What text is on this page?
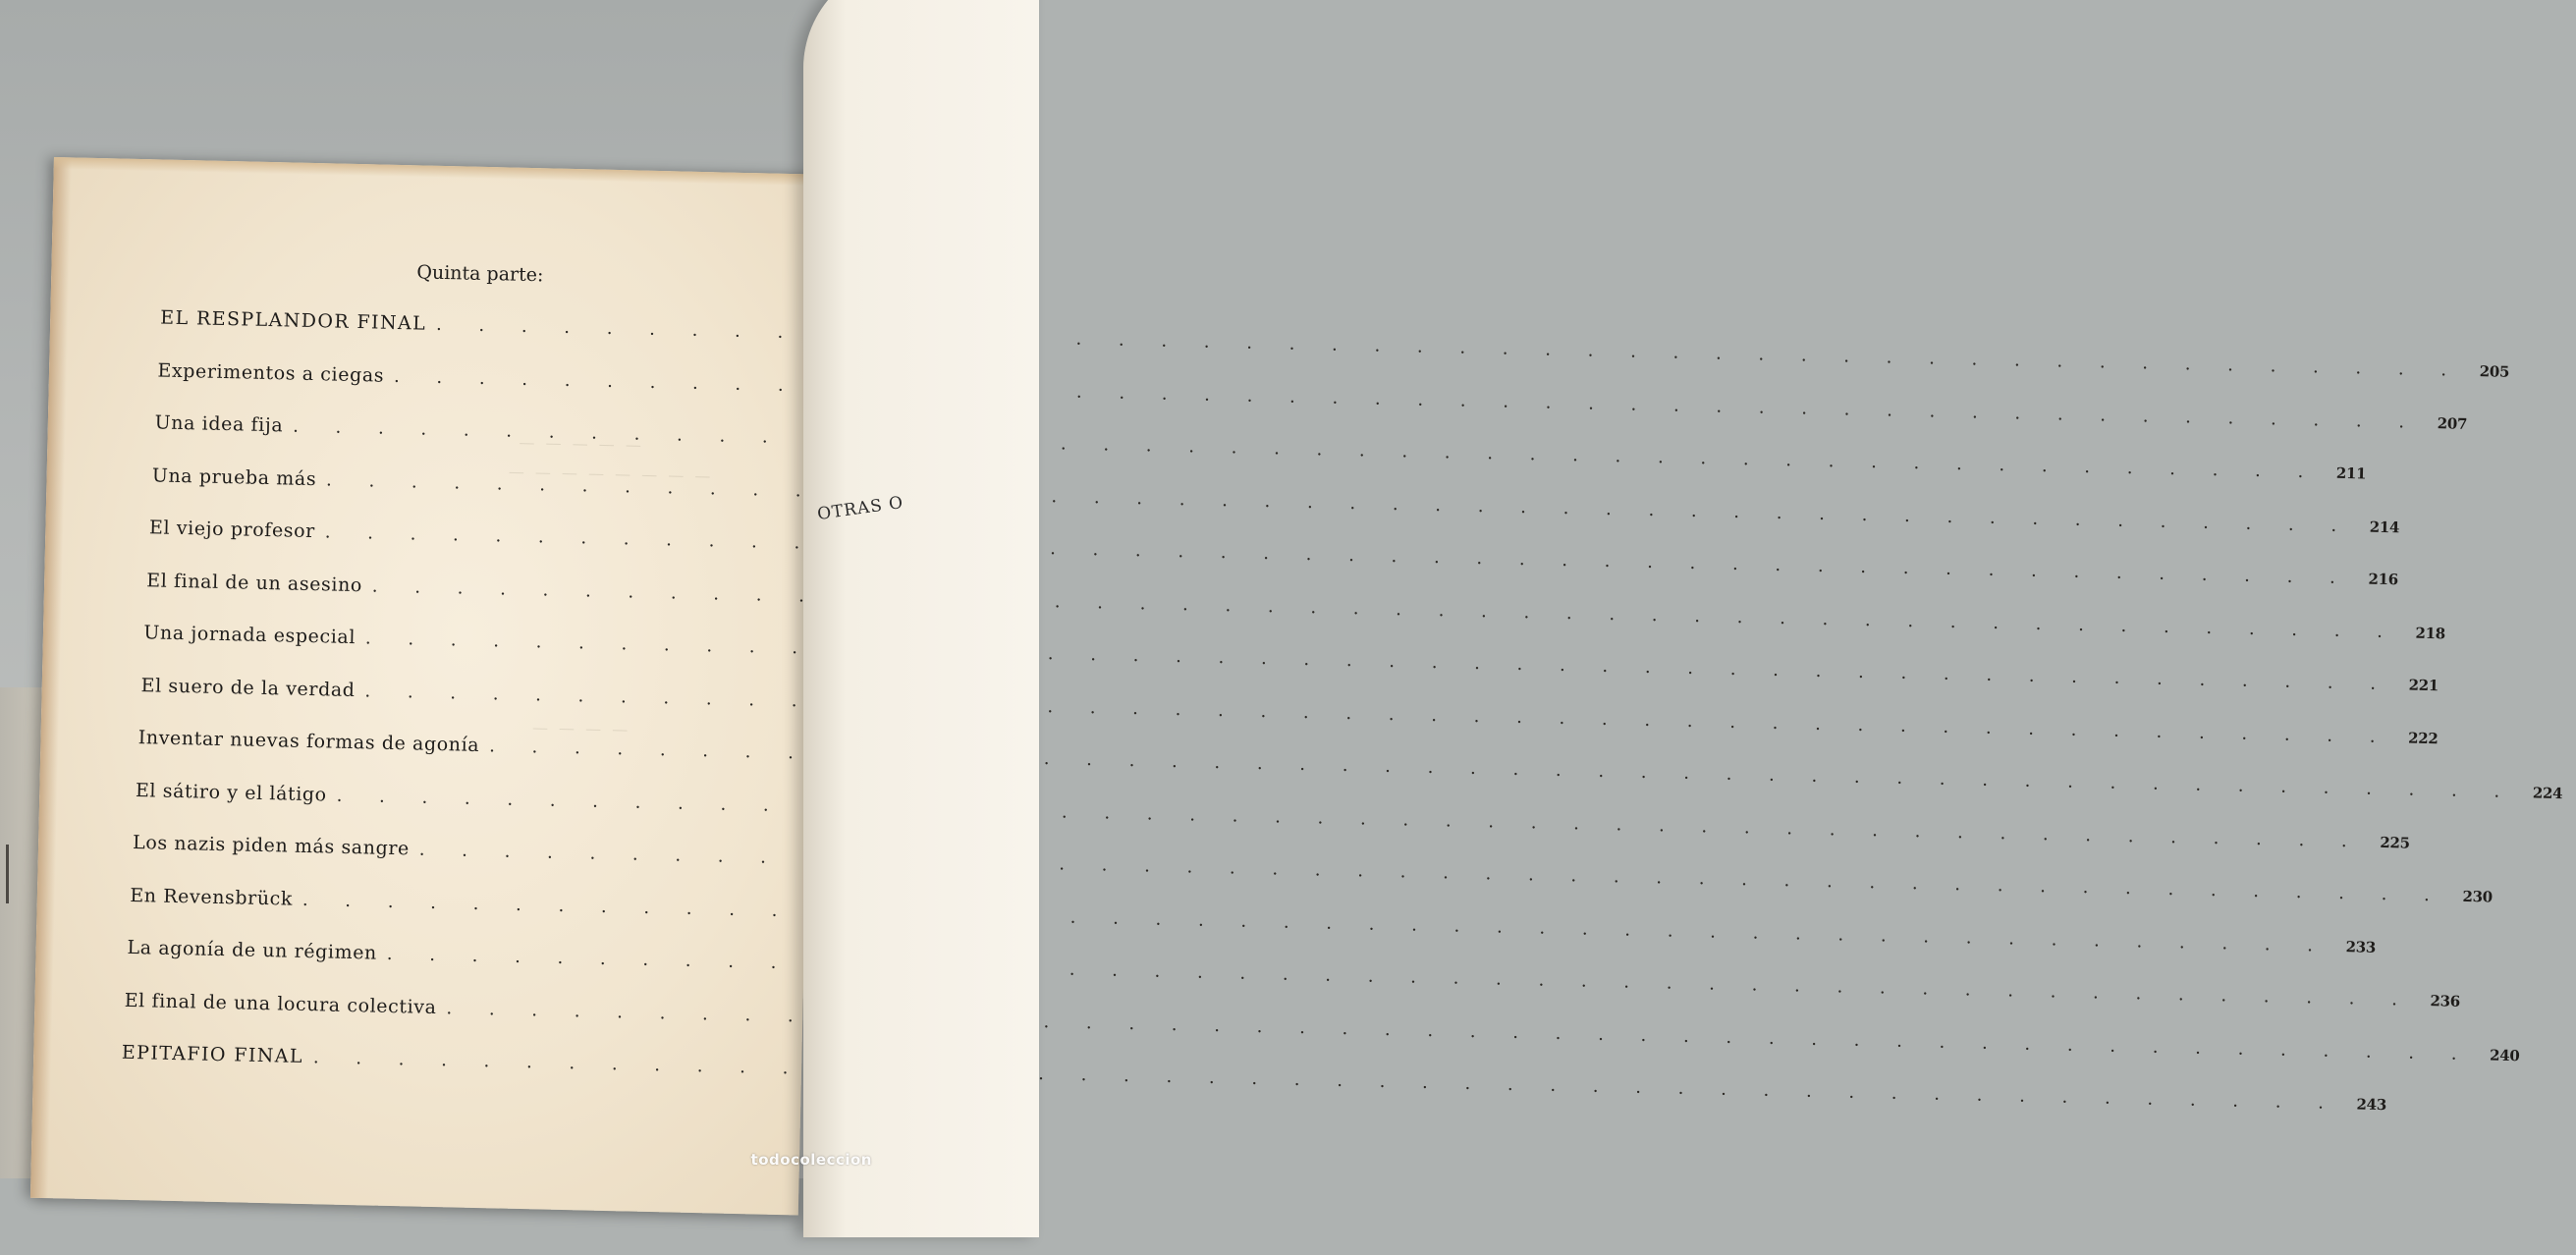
— — — — —
— — — — — — — —
— — — —
Quinta parte:
EL RESPLANDOR FINAL
. . .
205
Experimentos a ciegas
. . .
207
Una idea fija
. . .
211
Una prueba más
. . .
214
El viejo profesor
. . .
216
El final de un asesino
. . .
218
Una jornada especial
. . .
221
El suero de la verdad
. . .
222
Inventar nuevas formas de agonía
. . .
224
El sátiro y el látigo
. . .
225
Los nazis piden más sangre
. . .
230
En Revensbrück
. . .
233
La agonía de un régimen
. . .
236
El final de una locura colectiva
. . .
240
EPITAFIO FINAL
. . .
243
OTRAS O
todocoleccion
